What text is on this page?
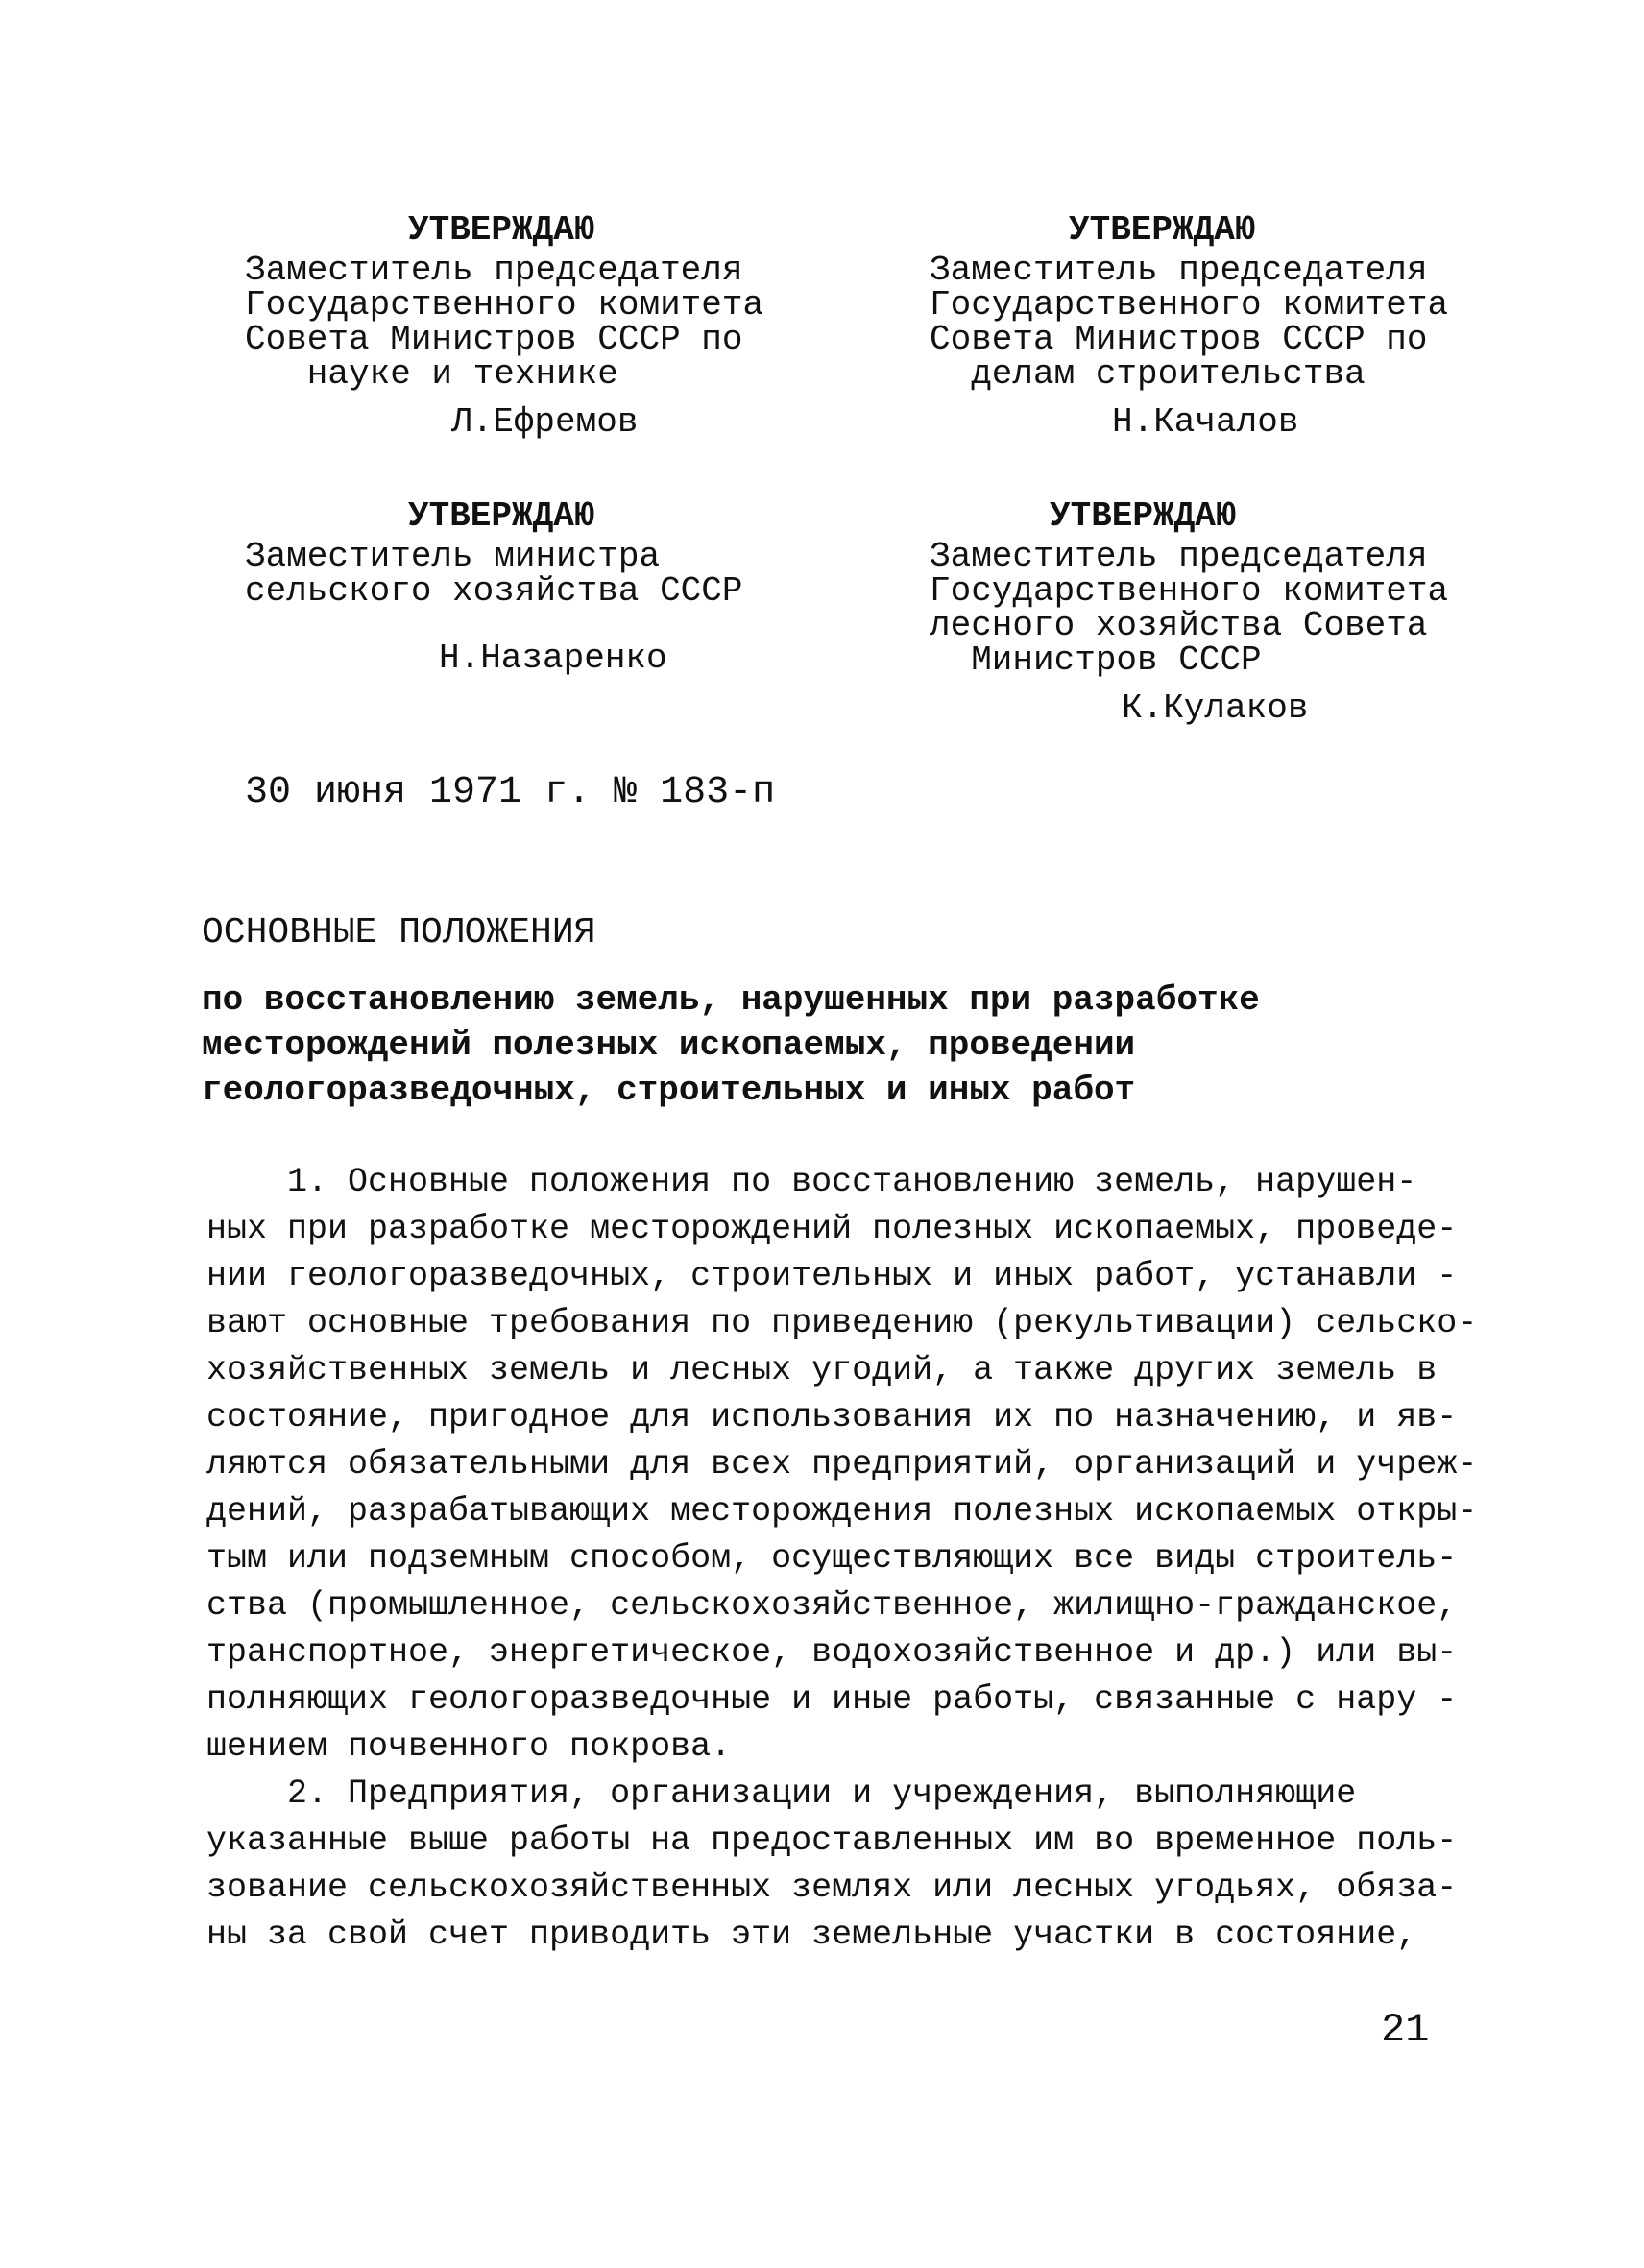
УТВЕРЖДАЮ
Заместитель председателя
Государственного комитета
Совета Министров СССР по
науке и технике
Л.Ефремов
УТВЕРЖДАЮ
Заместитель председателя
Государственного комитета
Совета Министров СССР по
делам строительства
Н.Качалов
УТВЕРЖДАЮ
Заместитель министра
сельского хозяйства СССР
Н.Назаренко
УТВЕРЖДАЮ
Заместитель председателя
Государственного комитета
лесного хозяйства Совета
Министров СССР
К.Кулаков
30 июня 1971 г. № 183-п
ОСНОВНЫЕ ПОЛОЖЕНИЯ
по восстановлению земель, нарушенных при разработке
месторождений полезных ископаемых, проведении
геологоразведочных, строительных и иных работ
1. Основные положения по восстановлению земель, нарушен-
ных при разработке месторождений полезных ископаемых, проведе-
нии геологоразведочных, строительных и иных работ, устанавли -
вают основные требования по приведению (рекультивации) сельско-
хозяйственных земель и лесных угодий, а также других земель в
состояние, пригодное для использования их по назначению, и яв-
ляются обязательными для всех предприятий, организаций и учреж-
дений, разрабатывающих месторождения полезных ископаемых откры-
тым или подземным способом, осуществляющих все виды строитель-
ства (промышленное, сельскохозяйственное, жилищно-гражданское,
транспортное, энергетическое, водохозяйственное и др.) или вы-
полняющих геологоразведочные и иные работы, связанные с нару -
шением почвенного покрова.
2. Предприятия, организации и учреждения, выполняющие
указанные выше работы на предоставленных им во временное поль-
зование сельскохозяйственных землях или лесных угодьях, обяза-
ны за свой счет приводить эти земельные участки в состояние,
21
